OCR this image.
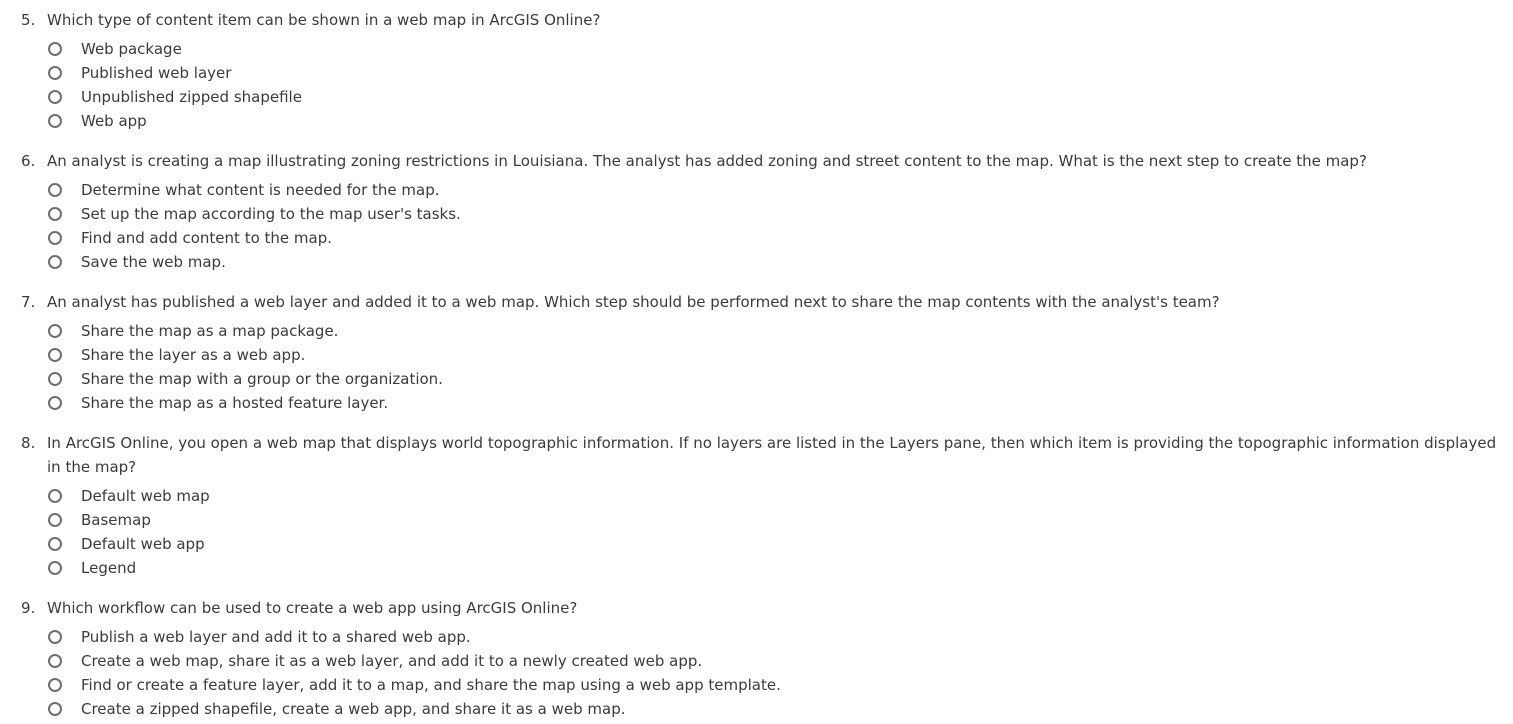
5. Which type of content item can be shown in a web map in ArcGIS Online?
Web package
Published web layer
Unpublished zipped shapefile
Web app
6. An analyst is creating a map illustrating zoning restrictions in Louisiana. The analyst has added zoning and street content to the map. What is the next step to create the map?
Determine what content is needed for the map.
Set up the map according to the map user's tasks.
Find and add content to the map.
Save the web map.
7. An analyst has published a web layer and added it to a web map. Which step should be performed next to share the map contents with the analyst's team?
Share the map as a map package.
Share the layer as a web app.
Share the map with a group or the organization.
Share the map as a hosted feature layer.
8. In ArcGIS Online, you open a web map that displays world topographic information. If no layers are listed in the Layers pane, then which item is providing the topographic information displayed in the map?
Default web map
Basemap
Default web app
Legend
9. Which workflow can be used to create a web app using ArcGIS Online?
Publish a web layer and add it to a shared web app.
Create a web map, share it as a web layer, and add it to a newly created web app.
Find or create a feature layer, add it to a map, and share the map using a web app template.
Create a zipped shapefile, create a web app, and share it as a web map.
